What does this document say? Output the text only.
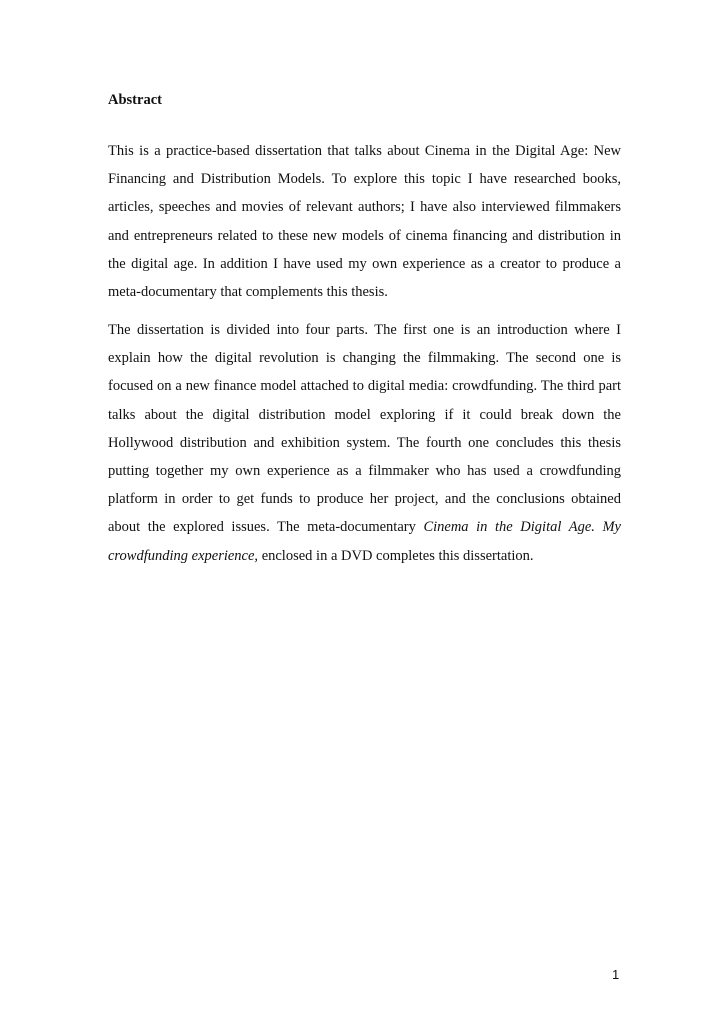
Abstract

This is a practice-based dissertation that talks about Cinema in the Digital Age: New Financing and Distribution Models. To explore this topic I have researched books, articles, speeches and movies of relevant authors; I have also interviewed filmmakers and entrepreneurs related to these new models of cinema financing and distribution in the digital age. In addition I have used my own experience as a creator to produce a meta-documentary that complements this thesis.

The dissertation is divided into four parts. The first one is an introduction where I explain how the digital revolution is changing the filmmaking. The second one is focused on a new finance model attached to digital media: crowdfunding. The third part talks about the digital distribution model exploring if it could break down the Hollywood distribution and exhibition system. The fourth one concludes this thesis putting together my own experience as a filmmaker who has used a crowdfunding platform in order to get funds to produce her project, and the conclusions obtained about the explored issues. The meta-documentary Cinema in the Digital Age. My crowdfunding experience, enclosed in a DVD completes this dissertation.

1
